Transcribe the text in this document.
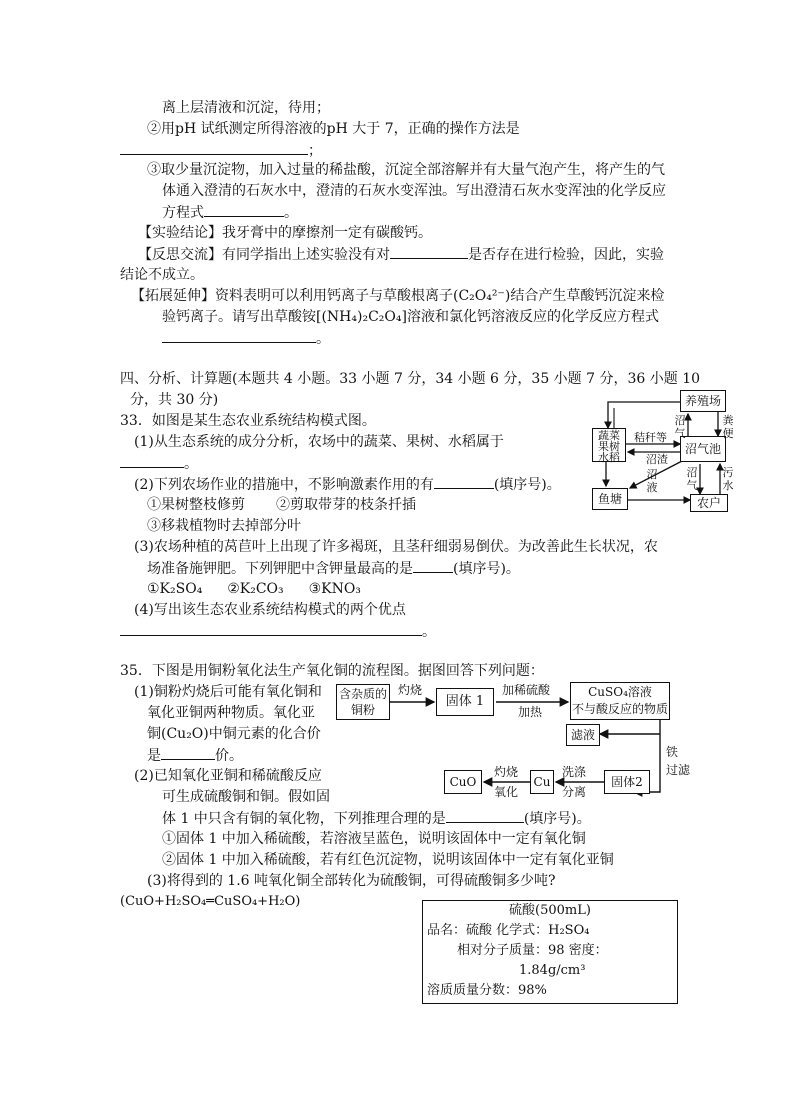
离上层清液和沉淀，待用；
②用pH 试纸测定所得溶液的pH 大于 7，正确的操作方法是
；
③取少量沉淀物，加入过量的稀盐酸，沉淀全部溶解并有大量气泡产生，将产生的气
体通入澄清的石灰水中，澄清的石灰水变浑浊。写出澄清石灰水变浑浊的化学反应
方程式	。
【实验结论】我牙膏中的摩擦剂一定有碳酸钙。
【反思交流】有同学指出上述实验没有对	是否存在进行检验，因此，实验
结论不成立。
【拓展延伸】资料表明可以利用钙离子与草酸根离子(C₂O₄²⁻)结合产生草酸钙沉淀来检
验钙离子。请写出草酸铵[(NH₄)₂C₂O₄]溶液和氯化钙溶液反应的化学反应方程式
。
四、分析、计算题(本题共 4 小题。33 小题 7 分，34 小题 6 分，35 小题 7 分，36 小题 10
分，共 30 分)
33．如图是某生态农业系统结构模式图。
(1)从生态系统的成分分析，农场中的蔬菜、果树、水稻属于
。
(2)下列农场作业的措施中，不影响激素作用的有	(填序号)。
①果树整枝修剪 ②剪取带芽的枝条扦插
③移栽植物时去掉部分叶
(3)农场种植的莴苣叶上出现了许多褐斑，且茎秆细弱易倒伏。为改善此生长状况，农
场准备施钾肥。下列钾肥中含钾量最高的是	(填序号)。
①K₂SO₄ ②K₂CO₃ ③KNO₃
(4)写出该生态农业系统结构模式的两个优点
。
养殖场
蔬菜果树水稻
沼气池
鱼塘	农户
秸秆等
沼气
粪便
沼渣
沼液
污水
沼气
35．下图是用铜粉氧化法生产氧化铜的流程图。据图回答下列问题：
(1)铜粉灼烧后可能有氧化铜和
氧化亚铜两种物质。氧化亚
铜(Cu₂O)中铜元素的化合价
是	价。
(2)已知氧化亚铜和稀硫酸反应
可生成硫酸铜和铜。假如固
体 1 中只含有铜的氧化物，下列推理合理的是	(填序号)。
①固体 1 中加入稀硫酸，若溶液呈蓝色，说明该固体中一定有氧化铜
②固体 1 中加入稀硫酸，若有红色沉淀物，说明该固体中一定有氧化亚铜
(3)将得到的 1.6 吨氧化铜全部转化为硫酸铜，可得硫酸铜多少吨?
(CuO+H₂SO₄═CuSO₄+H₂O)
含杂质的铜粉
灼烧
固体 1
加稀硫酸
加热
CuSO₄溶液
不与酸反应的物质
滤液
铁
过滤
固体2
洗涤
分离
Cu
灼烧
氧化
CuO
硫酸(500mL)
品名：硫酸 化学式：H₂SO₄
相对分子质量：98 密度：
1.84g/cm³
溶质质量分数：98%
